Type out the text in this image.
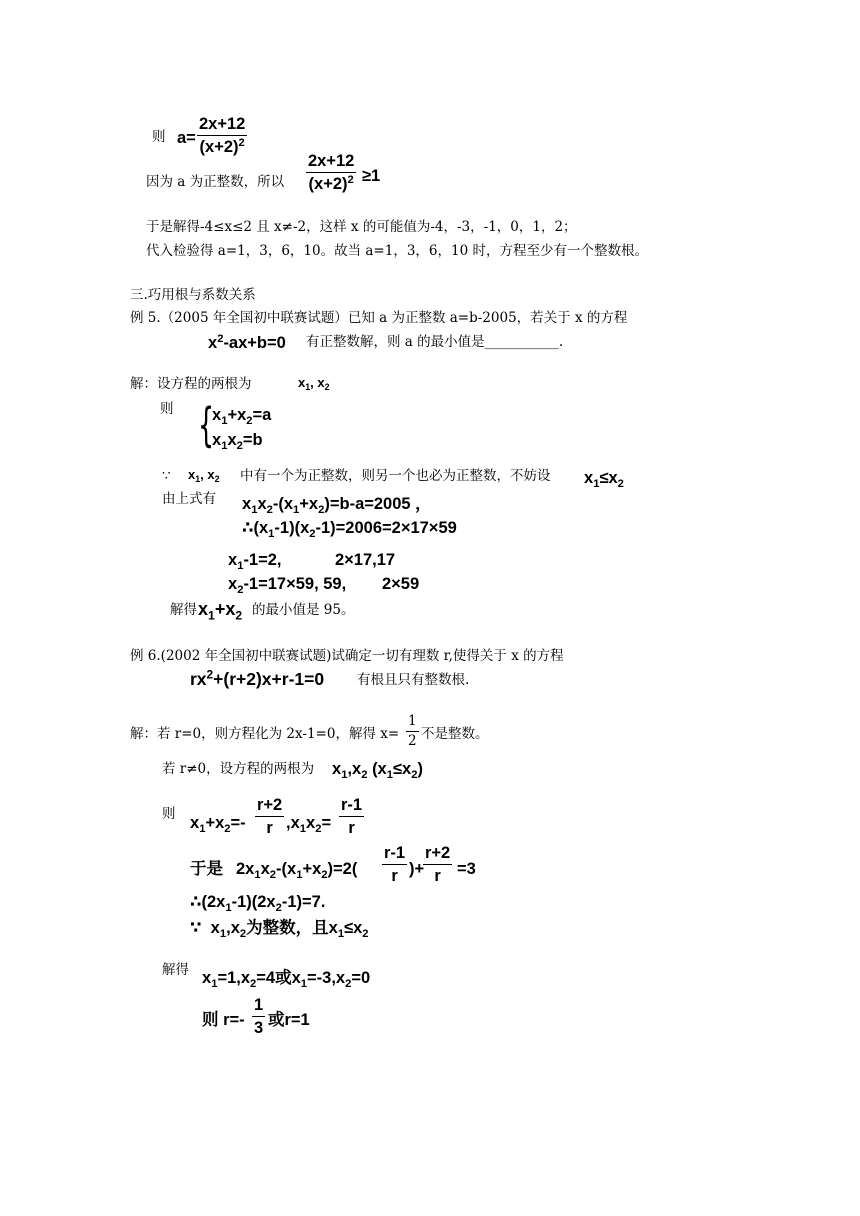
则 $a= \frac{2x+12}{(x+2)^2}$
因为 a 为正整数，所以 $\frac{2x+12}{(x+2)^2} \ge 1$
于是解得-4≤x≤2 且 x≠-2，这样 x 的可能值为-4，-3，-1，0，1，2；
代入检验得 a=1，3，6，10。故当 a=1，3，6，10 时，方程至少有一个整数根。
三.巧用根与系数关系
例 5.（2005 年全国初中联赛试题）已知 a 为正整数 a=b-2005，若关于 x 的方程
$x^2-ax+b=0$ 有正整数解，则 a 的最小值是___________.
解：设方程的两根为	$x_1$, $x_2$
则 {
$x_1+x_2=a$
$x_1x_2=b$
∵ $x_1$, $x_2$ 中有一个为正整数，则另一个也必为正整数，不妨设 $x_1\le x_2$
由上式有 $x_1x_2-(x_1+x_2)=b-a=2005$ ，
$\therefore(x_1-1)(x_2-1)=2006=2\times 17\times 59$
$x_1-1=2$,	2×17,17
$x_2-1=17\times 59$, 59, 2×59
解得 $x_1+x_2$ 的最小值是 95。
例 6.(2002 年全国初中联赛试题)试确定一切有理数 r,使得关于 x 的方程
$rx^2+(r+2)x+r-1=0$ 有根且只有整数根.
解：若 r=0，则方程化为 2x-1=0，解得 $x= \frac{1}{2}$ 不是整数。
若 r≠0，设方程的两根为 $x_1,x_2$ $(x_1\le x_2)$
则 $x_1+x_2=- \frac{r+2}{r} ,x_1x_2= \frac{r-1}{r}$
于是 $2x_1x_2-(x_1+x_2)=2( \frac{r-1}{r}$ )+
$\frac{r+2}{r} =3$
$\therefore(2x_1-1)(2x_2-1)=7$.
∵ $x_1,x_2$为整数，且$x_1\le x_2$
解得 $x_1=1,x_2=4$或$x_1=-3,x_2=0$
则 $r=- \frac{1}{3}$ 或r=1
